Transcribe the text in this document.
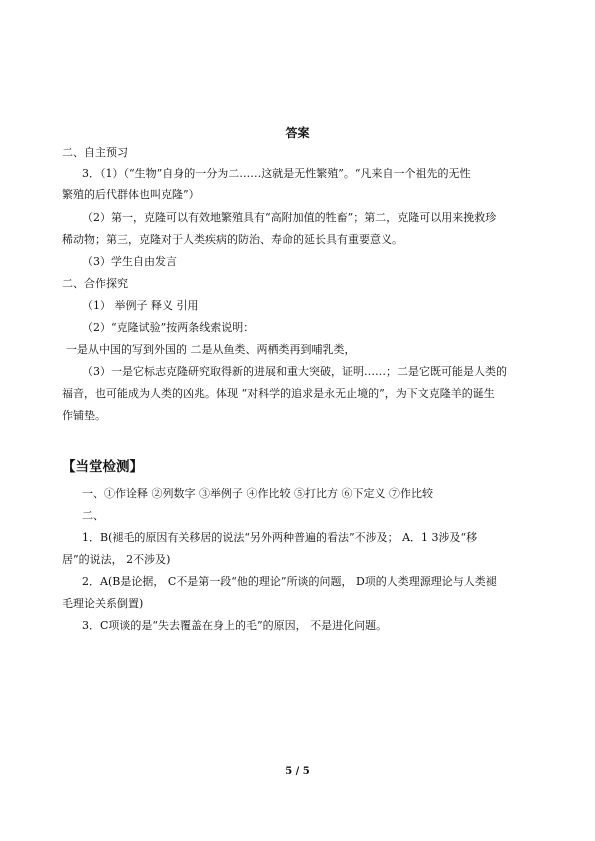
答案
二、自主预习
3．（1）（“生物”自身的一分为二……这就是无性繁殖”。“凡来自一个祖先的无性
繁殖的后代群体也叫克隆”）
（2）第一，克隆可以有效地繁殖具有“高附加值的牲畜”；第二，克隆可以用来挽救珍
稀动物；第三，克隆对于人类疾病的防治、寿命的延长具有重要意义。
（3）学生自由发言
二、合作探究
（1） 举例子 释义 引用
（2）“克隆试验”按两条线索说明：
一是从中国的写到外国的 二是从鱼类、两栖类再到哺乳类，
（3）一是它标志克隆研究取得新的进展和重大突破，证明……；二是它既可能是人类的
福音，也可能成为人类的凶兆。体现 “对科学的追求是永无止境的”，为下文克隆羊的诞生
作铺垫。
【当堂检测】
一、①作诠释 ②列数字 ③举例子 ④作比较 ⑤打比方 ⑥下定义 ⑦作比较
二、
1．B(褪毛的原因有关移居的说法“另外两种普遍的看法”不涉及； A．1 3涉及“移
居”的说法， 2不涉及)
2．A(B是论据， C不是第一段“他的理论”所谈的问题， D项的人类理源理论与人类褪
毛理论关系倒置)
3．C项谈的是“失去覆盖在身上的毛”的原因， 不是进化问题。
5 / 5
